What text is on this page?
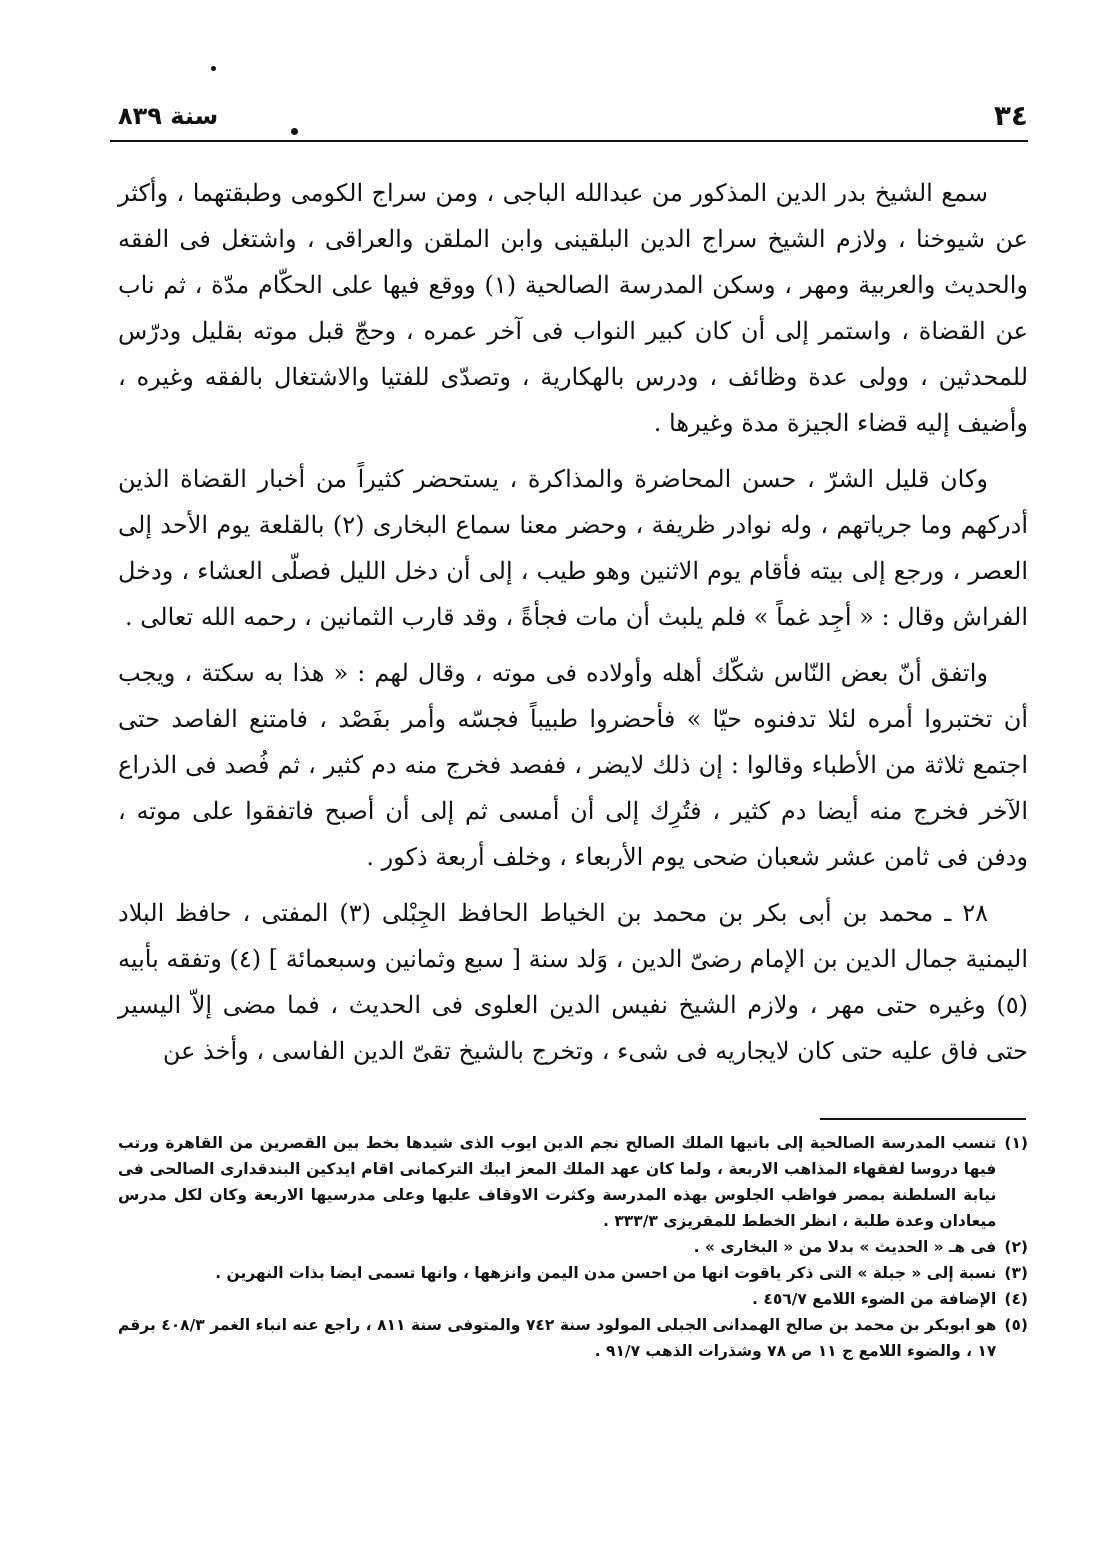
٣٤
سنة ٨٣٩

سمع الشيخ بدر الدين المذكور من عبدالله الباجى ، ومن سراج الكومى وطبقتهما ، وأكثر عن شيوخنا ، ولازم الشيخ سراج الدين البلقينى وابن الملقن والعراقى ، واشتغل فى الفقه والحديث والعربية ومهر ، وسكن المدرسة الصالحية (١) ووقع فيها على الحكّام مدّة ، ثم ناب عن القضاة ، واستمر إلى أن كان كبير النواب فى آخر عمره ، وحجّ قبل موته بقليل ودرّس للمحدثين ، وولى عدة وظائف ، ودرس بالهكارية ، وتصدّى للفتيا والاشتغال بالفقه وغيره ، وأضيف إليه قضاء الجيزة مدة وغيرها .

وكان قليل الشرّ ، حسن المحاضرة والمذاكرة ، يستحضر كثيراً من أخبار القضاة الذين أدركهم وما جرياتهم ، وله نوادر ظريفة ، وحضر معنا سماع البخارى (٢) بالقلعة يوم الأحد إلى العصر ، ورجع إلى بيته فأقام يوم الاثنين وهو طيب ، إلى أن دخل الليل فصلّى العشاء ، ودخل الفراش وقال : « أجِد غماً » فلم يلبث أن مات فجأةً ، وقد قارب الثمانين ، رحمه الله تعالى .

واتفق أنّ بعض النّاس شكّك أهله وأولاده فى موته ، وقال لهم : « هذا به سكتة ، ويجب أن تختبروا أمره لئلا تدفنوه حيّا » فأحضروا طبيباً فجسّه وأمر بفَصْد ، فامتنع الفاصد حتى اجتمع ثلاثة من الأطباء وقالوا : إن ذلك لايضر ، ففصد فخرج منه دم كثير ، ثم فُصد فى الذراع الآخر فخرج منه أيضا دم كثير ، فتُرِك إلى أن أمسى ثم إلى أن أصبح فاتفقوا على موته ، ودفن فى ثامن عشر شعبان ضحى يوم الأربعاء ، وخلف أربعة ذكور .

٢٨ ـ محمد بن أبى بكر بن محمد بن الخياط الحافظ الجِبْلى (٣) المفتى ، حافظ البلاد اليمنية جمال الدين بن الإمام رضىّ الدين ، وَلد سنة [ سبع وثمانين وسبعمائة ] (٤) وتفقه بأبيه (٥) وغيره حتى مهر ، ولازم الشيخ نفيس الدين العلوى فى الحديث ، فما مضى إلاّ اليسير حتى فاق عليه حتى كان لايجاريه فى شىء ، وتخرج بالشيخ تقىّ الدين الفاسى ، وأخذ عن

(١)
تنسب المدرسة الصالحية إلى بانيها الملك الصالح نجم الدين ايوب الذى شيدها بخط بين القصرين من القاهرة ورتب فيها دروسا لفقهاء المذاهب الاربعة ، ولما كان عهد الملك المعز ايبك التركمانى اقام ايدكين البندقدارى الصالحى فى نيابة السلطنة بمصر فواظب الجلوس بهذه المدرسة وكثرت الاوقاف عليها وعلى مدرسيها الاربعة وكان لكل مدرس ميعادان وعدة طلبة ، انظر الخطط للمقريزى ٣٣٣/٣ .
(٢)
فى هـ « الحديث » بدلا من « البخارى » .
(٣)
نسبة إلى « جبلة » التى ذكر ياقوت انها من احسن مدن اليمن وانزهها ، وانها تسمى ايضا بذات النهرين .
(٤)
الإضافة من الضوء اللامع ٤٥٦/٧ .
(٥)
هو ابوبكر بن محمد بن صالح الهمدانى الجبلى المولود سنة ٧٤٢ والمتوفى سنة ٨١١ ، راجع عنه انباء الغمر ٤٠٨/٣ برقم ١٧ ، والضوء اللامع ج ١١ ص ٧٨ وشذرات الذهب ٩١/٧ .
